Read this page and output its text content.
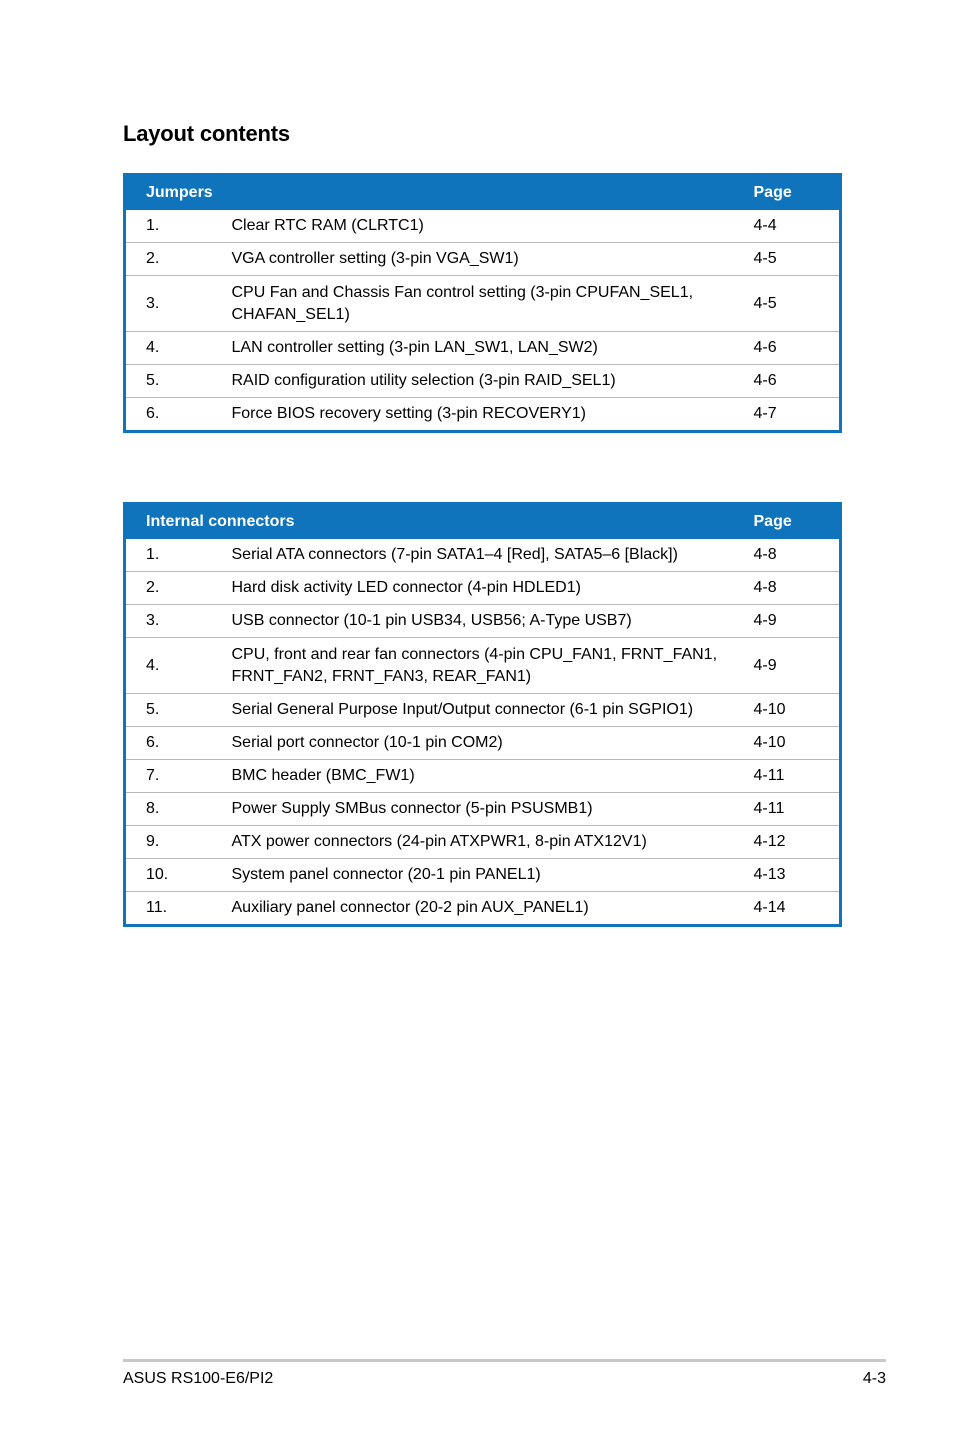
Layout contents
Jumpers		Page
1.	Clear RTC RAM (CLRTC1)	4-4
2.	VGA controller setting (3-pin VGA_SW1)	4-5
3.	CPU Fan and Chassis Fan control setting (3-pin CPUFAN_SEL1, CHAFAN_SEL1)	4-5
4.	LAN controller setting (3-pin LAN_SW1, LAN_SW2)	4-6
5.	RAID configuration utility selection (3-pin RAID_SEL1)	4-6
6.	Force BIOS recovery setting (3-pin RECOVERY1)	4-7
Internal connectors		Page
1.	Serial ATA connectors (7-pin SATA1–4 [Red], SATA5–6 [Black])	4-8
2.	Hard disk activity LED connector (4-pin HDLED1)	4-8
3.	USB connector (10-1 pin USB34, USB56; A-Type USB7)	4-9
4.	CPU, front and rear fan connectors (4-pin CPU_FAN1, FRNT_FAN1, FRNT_FAN2, FRNT_FAN3, REAR_FAN1)	4-9
5.	Serial General Purpose Input/Output connector (6-1 pin SGPIO1)	4-10
6.	Serial port connector (10-1 pin COM2)	4-10
7.	BMC header (BMC_FW1)	4-11
8.	Power Supply SMBus connector (5-pin PSUSMB1)	4-11
9.	ATX power connectors (24-pin ATXPWR1, 8-pin ATX12V1)	4-12
10.	System panel connector (20-1 pin PANEL1)	4-13
11.	Auxiliary panel connector (20-2 pin AUX_PANEL1)	4-14
ASUS RS100-E6/PI2	4-3
